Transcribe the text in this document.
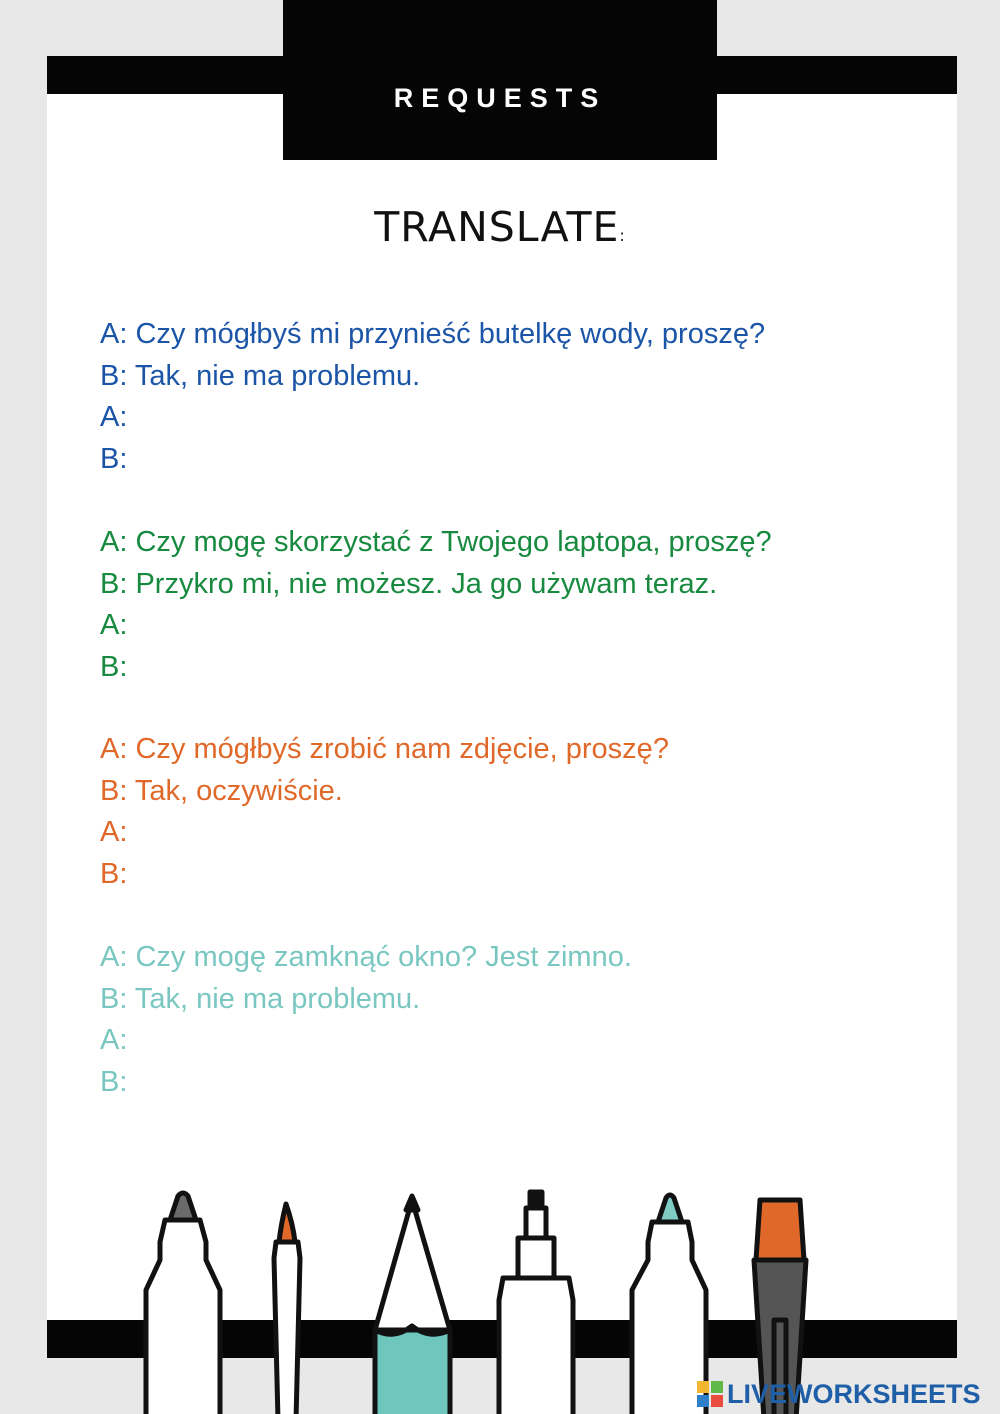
REQUESTS
TRANSLATE:
A: Czy mógłbyś mi przynieść butelkę wody, proszę?
B: Tak, nie ma problemu.
A:
B:
A: Czy mogę skorzystać z Twojego laptopa, proszę?
B: Przykro mi, nie możesz. Ja go używam teraz.
A:
B:
A: Czy mógłbyś zrobić nam zdjęcie, proszę?
B: Tak, oczywiście.
A:
B:
A: Czy mogę zamknąć okno? Jest zimno.
B: Tak, nie ma problemu.
A:
B:
LIVEWORKSHEETS
